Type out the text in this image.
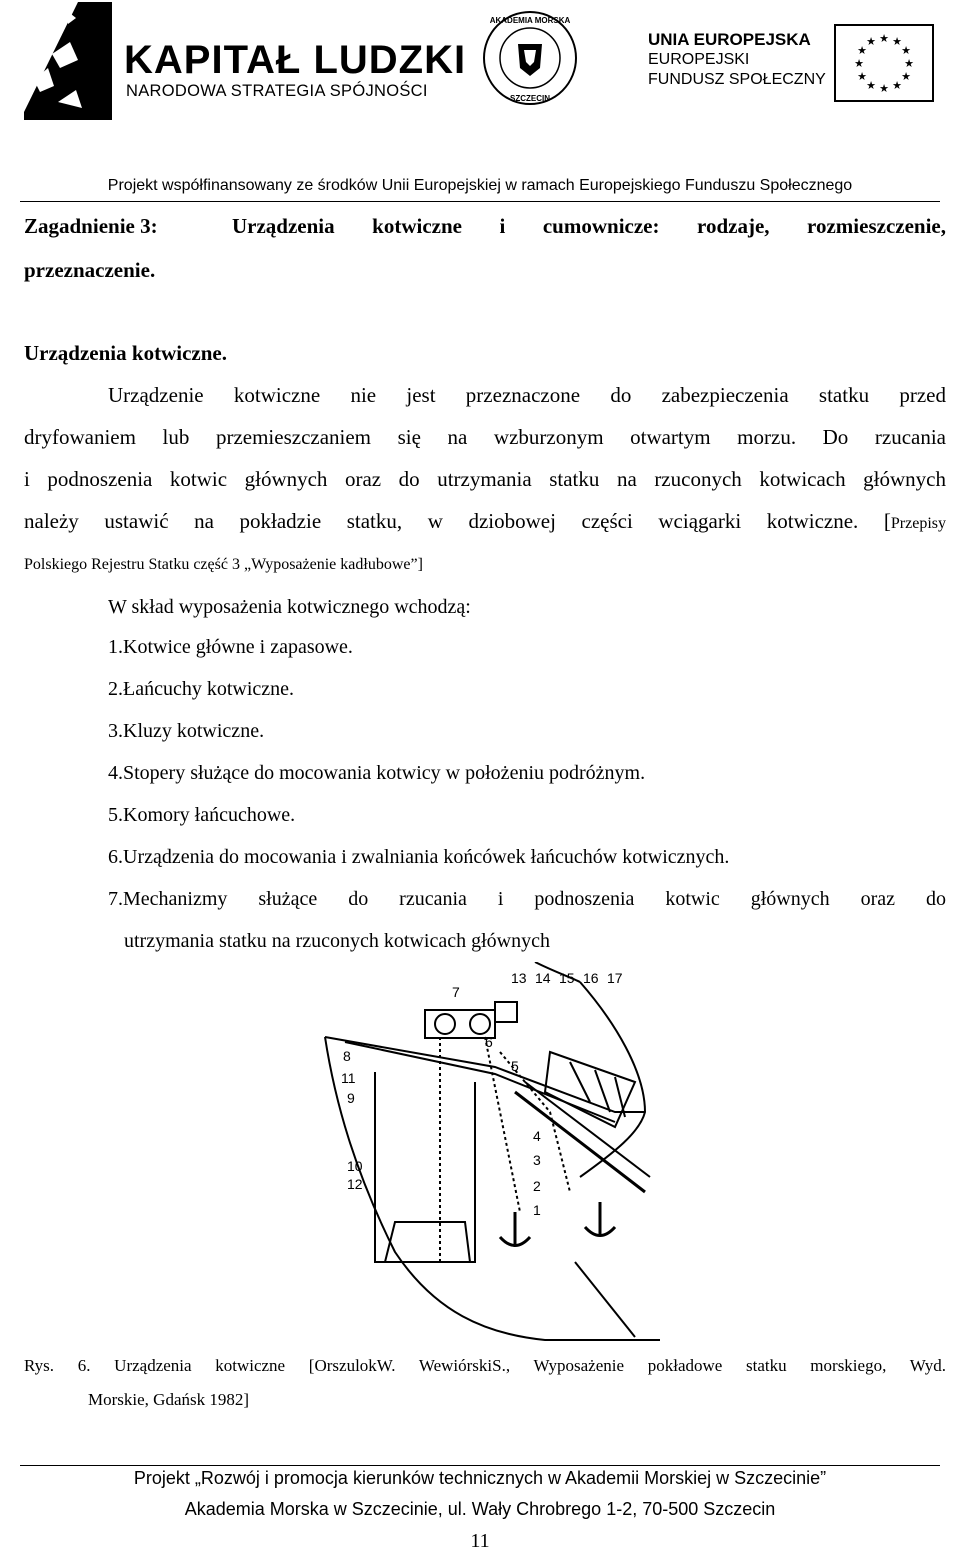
KAPITAŁ LUDZKI
NARODOWA STRATEGIA SPÓJNOŚCI
AKADEMIA MORSKA
SZCZECIN
UNIA EUROPEJSKA
EUROPEJSKI
FUNDUSZ SPOŁECZNY
★ ★
★
★
★
★
★
★
★
★
★
★
Projekt współfinansowany ze środków Unii Europejskiej w ramach Europejskiego Funduszu Społecznego
Zagadnienie 3:	Urządzenia kotwiczne i cumownicze: rodzaje, rozmieszczenie,
przeznaczenie.
Urządzenia kotwiczne.
Urządzenie kotwiczne nie jest przeznaczone do zabezpieczenia statku przed
dryfowaniem lub przemieszczaniem się na wzburzonym otwartym morzu. Do rzucania
i podnoszenia kotwic głównych oraz do utrzymania statku na rzuconych kotwicach głównych
należy ustawić na pokładzie statku, w dziobowej części wciągarki kotwiczne. [Przepisy
Polskiego Rejestru Statku część 3 „Wyposażenie kadłubowe”]
W skład wyposażenia kotwicznego wchodzą:
1.Kotwice główne i zapasowe.
2.Łańcuchy kotwiczne.
3.Kluzy kotwiczne.
4.Stopery służące do mocowania kotwicy w położeniu podróżnym.
5.Komory łańcuchowe.
6.Urządzenia do mocowania i zwalniania końcówek łańcuchów kotwicznych.
7.Mechanizmy służące do rzucania i podnoszenia kotwic głównych oraz do
utrzymania statku na rzuconych kotwicach głównych
13 14 15 16 17
7
6
5
8
11
9
4
3
2
1
10
12
Rys. 6. Urządzenia kotwiczne [OrszulokW. WewiórskiS., Wyposażenie pokładowe statku morskiego, Wyd.
Morskie, Gdańsk 1982]
Projekt „Rozwój i promocja kierunków technicznych w Akademii Morskiej w Szczecinie”
Akademia Morska w Szczecinie, ul. Wały Chrobrego 1-2, 70-500 Szczecin
11
